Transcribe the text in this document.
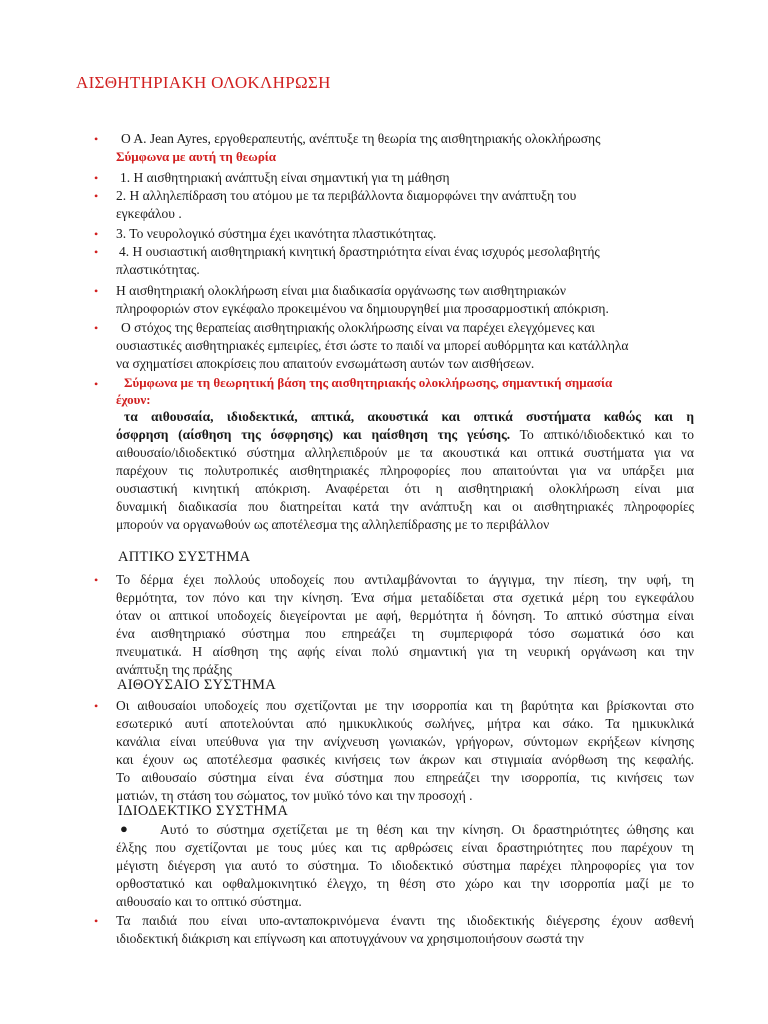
ΑΙΣΘΗΤΗΡΙΑΚΗ ΟΛΟΚΛΗΡΩΣΗ
• Ο Α. Jean Ayres, εργοθεραπευτής, ανέπτυξε τη θεωρία της αισθητηριακής ολοκλήρωσης
Σύμφωνα με αυτή τη θεωρία
• 1. Η αισθητηριακή ανάπτυξη είναι σημαντική για τη μάθηση
• 2. Η αλληλεπίδραση του ατόμου με τα περιβάλλοντα διαμορφώνει την ανάπτυξη του
εγκεφάλου .
• 3. Το νευρολογικό σύστημα έχει ικανότητα πλαστικότητας.
• 4. Η ουσιαστική αισθητηριακή κινητική δραστηριότητα είναι ένας ισχυρός μεσολαβητής
πλαστικότητας.
• Η αισθητηριακή ολοκλήρωση είναι μια διαδικασία οργάνωσης των αισθητηριακών
πληροφοριών στον εγκέφαλο προκειμένου να δημιουργηθεί μια προσαρμοστική απόκριση.
• Ο στόχος της θεραπείας αισθητηριακής ολοκλήρωσης είναι να παρέχει ελεγχόμενες και
ουσιαστικές αισθητηριακές εμπειρίες, έτσι ώστε το παιδί να μπορεί αυθόρμητα και κατάλληλα
να σχηματίσει αποκρίσεις που απαιτούν ενσωμάτωση αυτών των αισθήσεων.
• Σύμφωνα με τη θεωρητική βάση της αισθητηριακής ολοκλήρωσης, σημαντική σημασία
έχουν:
τα αιθουσαία, ιδιοδεκτικά, απτικά, ακουστικά και οπτικά συστήματα καθώς και η
όσφρηση (αίσθηση της όσφρησης) και ηαίσθηση της γεύσης. Το απτικό/ιδιοδεκτικό και το
αιθουσαίο/ιδιοδεκτικό σύστημα αλληλεπιδρούν με τα ακουστικά και οπτικά συστήματα για να
παρέχουν τις πολυτροπικές αισθητηριακές πληροφορίες που απαιτούνται για να υπάρξει μια
ουσιαστική κινητική απόκριση. Αναφέρεται ότι η αισθητηριακή ολοκλήρωση είναι μια
δυναμική διαδικασία που διατηρείται κατά την ανάπτυξη και οι αισθητηριακές πληροφορίες
μπορούν να οργανωθούν ως αποτέλεσμα της αλληλεπίδρασης με το περιβάλλον
ΑΠΤΙΚΟ ΣΥΣΤΗΜΑ
• Το δέρμα έχει πολλούς υποδοχείς που αντιλαμβάνονται το άγγιγμα, την πίεση, την υφή, τη
θερμότητα, τον πόνο και την κίνηση. Ένα σήμα μεταδίδεται στα σχετικά μέρη του εγκεφάλου
όταν οι απτικοί υποδοχείς διεγείρονται με αφή, θερμότητα ή δόνηση. Το απτικό σύστημα είναι
ένα αισθητηριακό σύστημα που επηρεάζει τη συμπεριφορά τόσο σωματικά όσο και
πνευματικά. Η αίσθηση της αφής είναι πολύ σημαντική για τη νευρική οργάνωση και την
ανάπτυξη της πράξης
ΑΙΘΟΥΣΑΙΟ ΣΥΣΤΗΜΑ
• Οι αιθουσαίοι υποδοχείς που σχετίζονται με την ισορροπία και τη βαρύτητα και βρίσκονται στο
εσωτερικό αυτί αποτελούνται από ημικυκλικούς σωλήνες, μήτρα και σάκο. Τα ημικυκλικά
κανάλια είναι υπεύθυνα για την ανίχνευση γωνιακών, γρήγορων, σύντομων εκρήξεων κίνησης
και έχουν ως αποτέλεσμα φασικές κινήσεις των άκρων και στιγμιαία ανόρθωση της κεφαλής.
Το αιθουσαίο σύστημα είναι ένα σύστημα που επηρεάζει την ισορροπία, τις κινήσεις των
ματιών, τη στάση του σώματος, τον μυϊκό τόνο και την προσοχή .
ΙΔΙΟΔΕΚΤΙΚΟ ΣΥΣΤΗΜΑ
● Αυτό το σύστημα σχετίζεται με τη θέση και την κίνηση. Οι δραστηριότητες ώθησης και
έλξης που σχετίζονται με τους μύες και τις αρθρώσεις είναι δραστηριότητες που παρέχουν τη
μέγιστη διέγερση για αυτό το σύστημα. Το ιδιοδεκτικό σύστημα παρέχει πληροφορίες για τον
ορθοστατικό και οφθαλμοκινητικό έλεγχο, τη θέση στο χώρο και την ισορροπία μαζί με το
αιθουσαίο και το οπτικό σύστημα.
• Τα παιδιά που είναι υπο-ανταποκρινόμενα έναντι της ιδιοδεκτικής διέγερσης έχουν ασθενή
ιδιοδεκτική διάκριση και επίγνωση και αποτυγχάνουν να χρησιμοποιήσουν σωστά την
